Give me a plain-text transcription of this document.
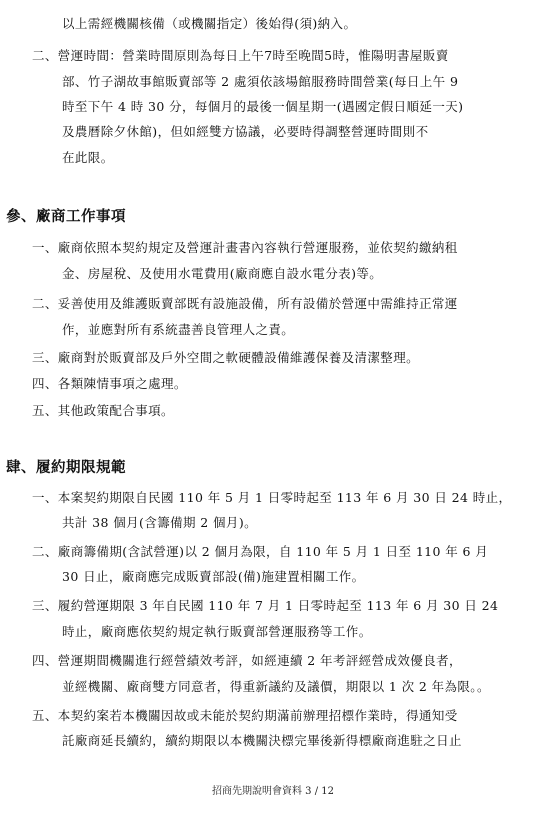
以上需經機關核備（或機關指定）後始得(須)納入。
二、營運時間：營業時間原則為每日上午7時至晚間5時，惟陽明書屋販賣
部、竹子湖故事館販賣部等 2 處須依該場館服務時間營業(每日上午 9
時至下午 4 時 30 分，每個月的最後一個星期一(遇國定假日順延一天)
及農曆除夕休館)，但如經雙方協議，必要時得調整營運時間則不
在此限。
參、廠商工作事項
一、廠商依照本契約規定及營運計畫書內容執行營運服務，並依契約繳納租
金、房屋稅、及使用水電費用(廠商應自設水電分表)等。
二、妥善使用及維護販賣部既有設施設備，所有設備於營運中需維持正常運
作，並應對所有系統盡善良管理人之責。
三、廠商對於販賣部及戶外空間之軟硬體設備維護保養及清潔整理。
四、各類陳情事項之處理。
五、其他政策配合事項。
肆、履約期限規範
一、本案契約期限自民國 110 年 5 月 1 日零時起至 113 年 6 月 30 日 24 時止，
共計 38 個月(含籌備期 2 個月)。
二、廠商籌備期(含試營運)以 2 個月為限，自 110 年 5 月 1 日至 110 年 6 月
30 日止，廠商應完成販賣部設(備)施建置相關工作。
三、履約營運期限 3 年自民國 110 年 7 月 1 日零時起至 113 年 6 月 30 日 24
時止，廠商應依契約規定執行販賣部營運服務等工作。
四、營運期間機關進行經營績效考評，如經連續 2 年考評經營成效優良者，
並經機關、廠商雙方同意者，得重新議約及議價，期限以 1 次 2 年為限。。
五、本契約案若本機關因故或未能於契約期滿前辦理招標作業時，得通知受
託廠商延長續約，續約期限以本機關決標完畢後新得標廠商進駐之日止
招商先期說明會資料 3 / 12
